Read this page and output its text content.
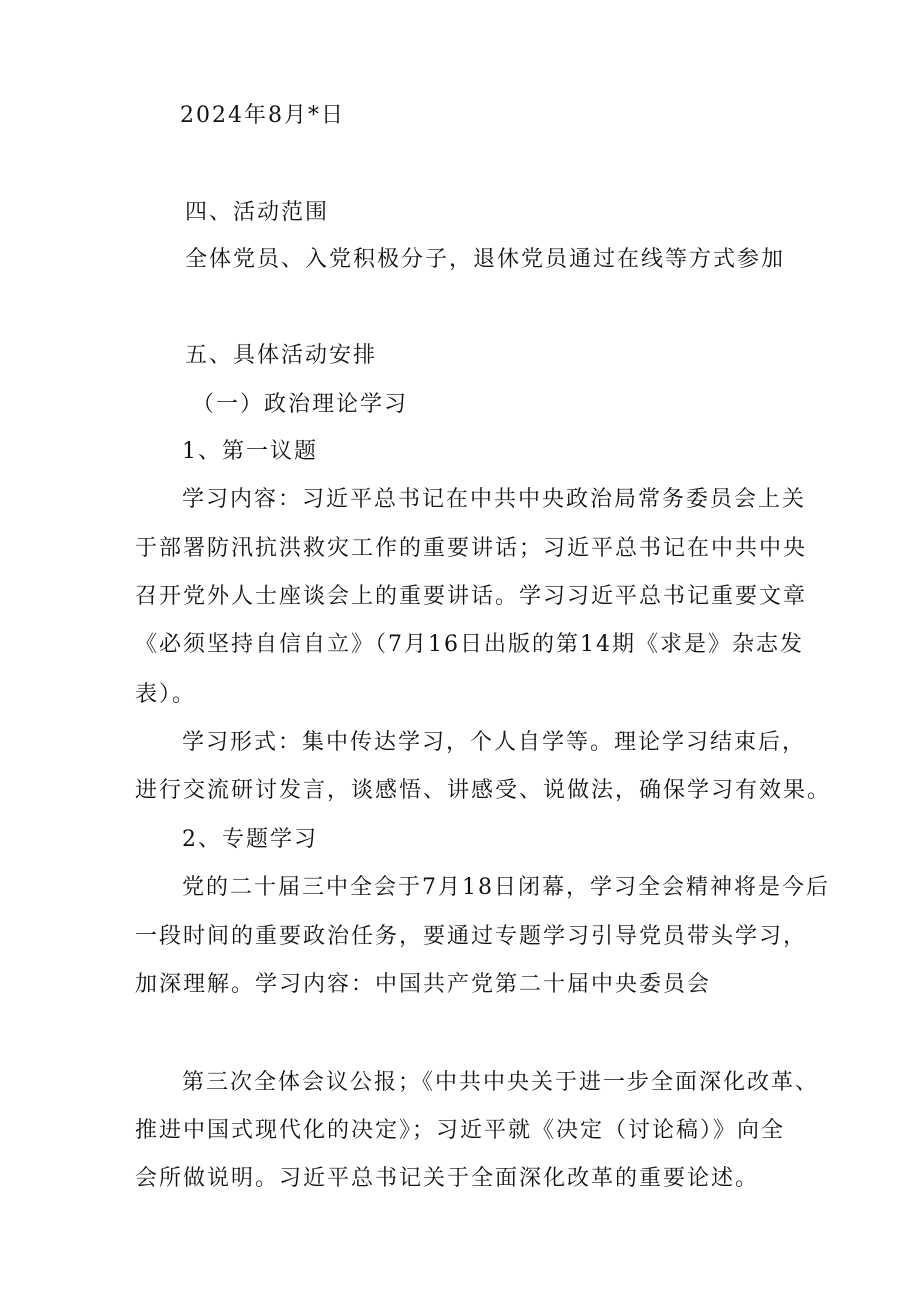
2024年8月*日
四、活动范围
全体党员、入党积极分子，退休党员通过在线等方式参加
五、具体活动安排
（一）政治理论学习
1、第一议题
学习内容：习近平总书记在中共中央政治局常务委员会上关
于部署防汛抗洪救灾工作的重要讲话；习近平总书记在中共中央
召开党外人士座谈会上的重要讲话。学习习近平总书记重要文章
《必须坚持自信自立》（7月16日出版的第14期《求是》杂志发
表）。
学习形式：集中传达学习，个人自学等。理论学习结束后，
进行交流研讨发言，谈感悟、讲感受、说做法，确保学习有效果。
2、专题学习
党的二十届三中全会于7月18日闭幕，学习全会精神将是今后
一段时间的重要政治任务，要通过专题学习引导党员带头学习，
加深理解。学习内容：中国共产党第二十届中央委员会
第三次全体会议公报；《中共中央关于进一步全面深化改革、
推进中国式现代化的决定》；习近平就《决定（讨论稿）》向全
会所做说明。习近平总书记关于全面深化改革的重要论述。
